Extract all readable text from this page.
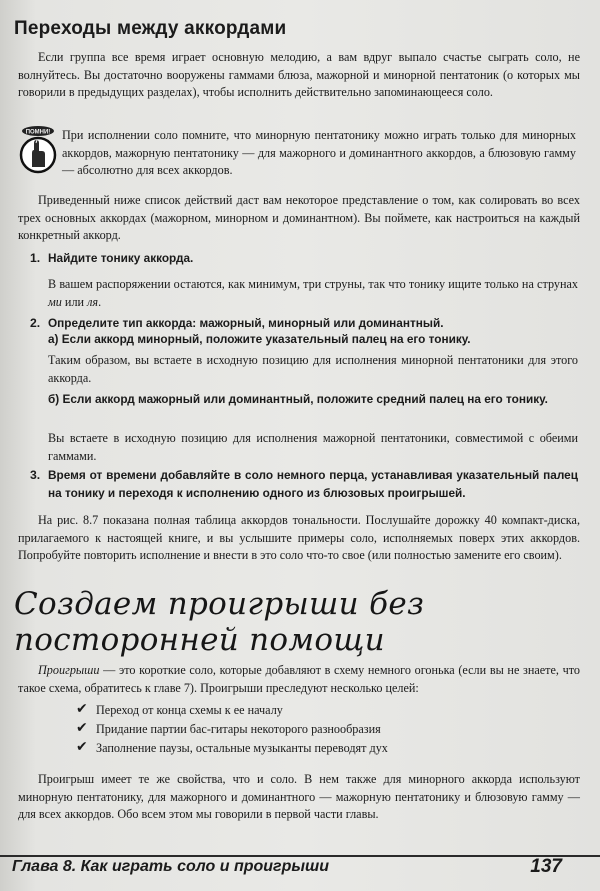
Переходы между аккордами
Если группа все время играет основную мелодию, а вам вдруг выпало счастье сыграть соло, не волнуйтесь. Вы достаточно вооружены гаммами блюза, мажорной и минорной пентатоник (о которых мы говорили в предыдущих разделах), чтобы исполнить действительно запоминающееся соло.
ПОМНИ! При исполнении соло помните, что минорную пентатонику можно играть только для минорных аккордов, мажорную пентатонику — для мажорного и доминантного аккордов, а блюзовую гамму — абсолютно для всех аккордов.
Приведенный ниже список действий даст вам некоторое представление о том, как солировать во всех трех основных аккордах (мажорном, минорном и доминантном). Вы поймете, как настроиться на каждый конкретный аккорд.
1. Найдите тонику аккорда.
В вашем распоряжении остаются, как минимум, три струны, так что тонику ищите только на струнах ми или ля.
2. Определите тип аккорда: мажорный, минорный или доминантный.
а) Если аккорд минорный, положите указательный палец на его тонику.
Таким образом, вы встаете в исходную позицию для исполнения минорной пентатоники для этого аккорда.
б) Если аккорд мажорный или доминантный, положите средний палец на его тонику.
Вы встаете в исходную позицию для исполнения мажорной пентатоники, совместимой с обеими гаммами.
3. Время от времени добавляйте в соло немного перца, устанавливая указательный палец на тонику и переходя к исполнению одного из блюзовых проигрышей.
На рис. 8.7 показана полная таблица аккордов тональности. Послушайте дорожку 40 компакт-диска, прилагаемого к настоящей книге, и вы услышите примеры соло, исполняемых поверх этих аккордов. Попробуйте повторить исполнение и внести в это соло что-то свое (или полностью замените его своим).
Создаем проигрыши без посторонней помощи
Проигрыши — это короткие соло, которые добавляют в схему немного огонька (если вы не знаете, что такое схема, обратитесь к главе 7). Проигрыши преследуют несколько целей:
✔ Переход от конца схемы к ее началу
✔ Придание партии бас-гитары некоторого разнообразия
✔ Заполнение паузы, остальные музыканты переводят дух
Проигрыш имеет те же свойства, что и соло. В нем также для минорного аккорда используют минорную пентатонику, для мажорного и доминантного — мажорную пентатонику и блюзовую гамму — для всех аккордов. Обо всем этом мы говорили в первой части главы.
Глава 8. Как играть соло и проигрыши	137
